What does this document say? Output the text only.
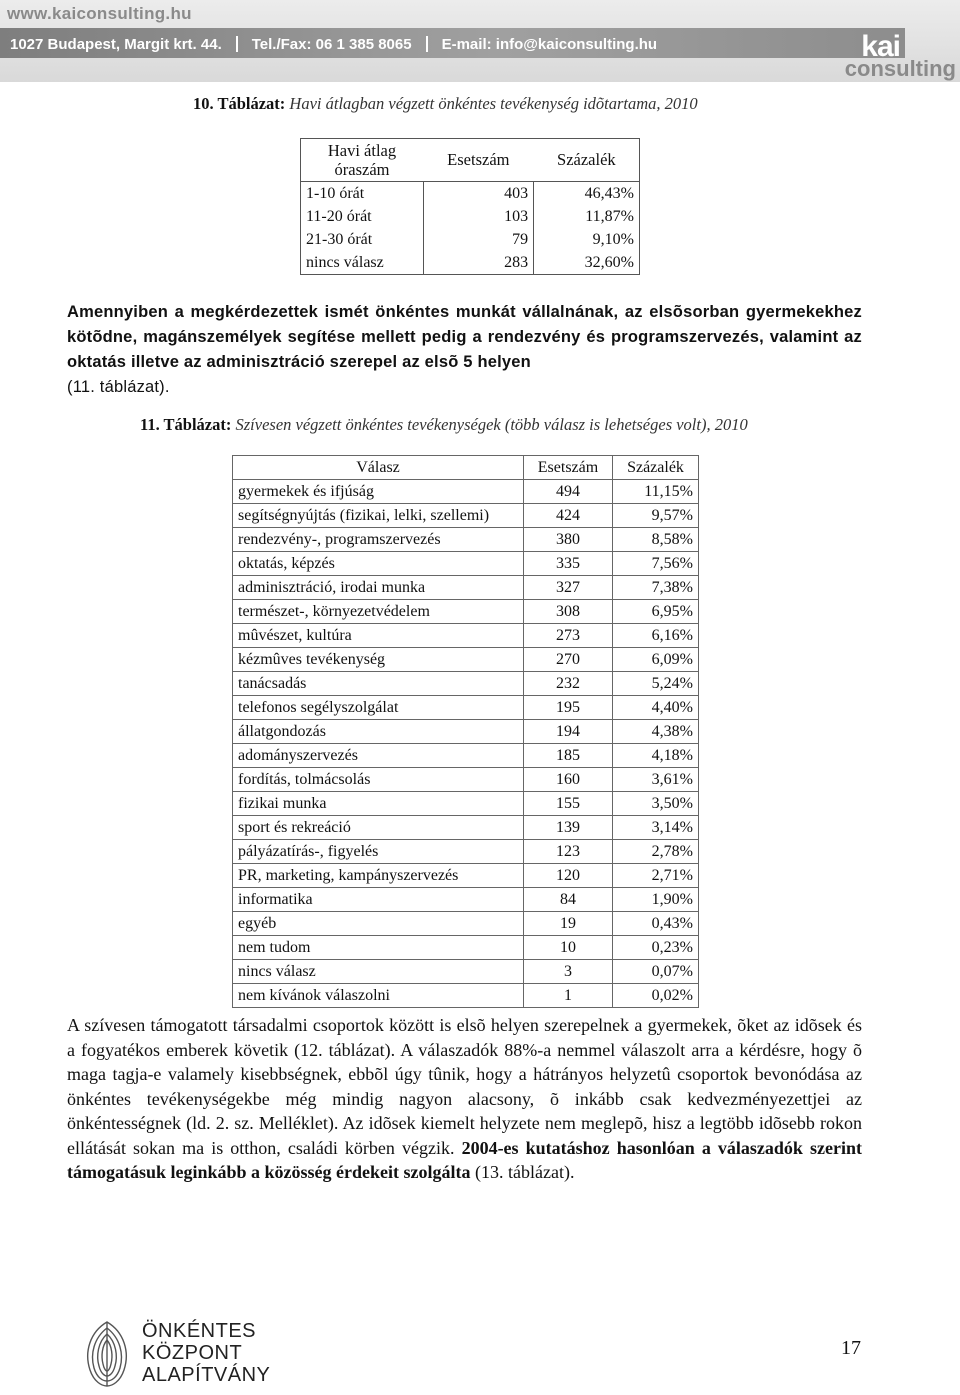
www.kaiconsulting.hu
1027 Budapest, Margit krt. 44. Tel./Fax: 06 1 385 8065 E-mail: info@kaiconsulting.hu	kai
consulting
10. Táblázat: Havi átlagban végzett önkéntes tevékenység idõtartama, 2010
Havi átlag óraszám	Esetszám	Százalék
1-10 órát	403	46,43%
11-20 órát	103	11,87%
21-30 órát	79	9,10%
nincs válasz	283	32,60%
Amennyiben a megkérdezettek ismét önkéntes munkát vállalnának, az elsõsorban gyermekekhez kötõdne, magánszemélyek segítése mellett pedig a rendezvény és programszervezés, valamint az oktatás illetve az adminisztráció szerepel az elsõ 5 helyen
(11. táblázat).
11. Táblázat: Szívesen végzett önkéntes tevékenységek (több válasz is lehetséges volt), 2010
Válasz	Esetszám	Százalék
gyermekek és ifjúság	494	11,15%
segítségnyújtás (fizikai, lelki, szellemi)	424	9,57%
rendezvény-, programszervezés	380	8,58%
oktatás, képzés	335	7,56%
adminisztráció, irodai munka	327	7,38%
természet-, környezetvédelem	308	6,95%
mûvészet, kultúra	273	6,16%
kézmûves tevékenység	270	6,09%
tanácsadás	232	5,24%
telefonos segélyszolgálat	195	4,40%
állatgondozás	194	4,38%
adományszervezés	185	4,18%
fordítás, tolmácsolás	160	3,61%
fizikai munka	155	3,50%
sport és rekreáció	139	3,14%
pályázatírás-, figyelés	123	2,78%
PR, marketing, kampányszervezés	120	2,71%
informatika	84	1,90%
egyéb	19	0,43%
nem tudom	10	0,23%
nincs válasz	3	0,07%
nem kívánok válaszolni	1	0,02%
A szívesen támogatott társadalmi csoportok között is elsõ helyen szerepelnek a gyermekek, õket az idõsek és a fogyatékos emberek követik (12. táblázat). A válaszadók 88%-a nemmel válaszolt arra a kérdésre, hogy õ maga tagja-e valamely kisebbségnek, ebbõl úgy tûnik, hogy a hátrányos helyzetû csoportok bevonódása az önkéntes tevékenységekbe még mindig nagyon alacsony, õ inkább csak kedvezményezettjei az önkéntességnek (ld. 2. sz. Melléklet). Az idõsek kiemelt helyzete nem meglepõ, hisz a legtöbb idõsebb rokon ellátását sokan ma is otthon, családi körben végzik. 2004-es kutatáshoz hasonlóan a válaszadók szerint támogatásuk leginkább a közösség érdekeit szolgálta (13. táblázat).
ÖNKÉNTES
KÖZPONT
ALAPÍTVÁNY
17
